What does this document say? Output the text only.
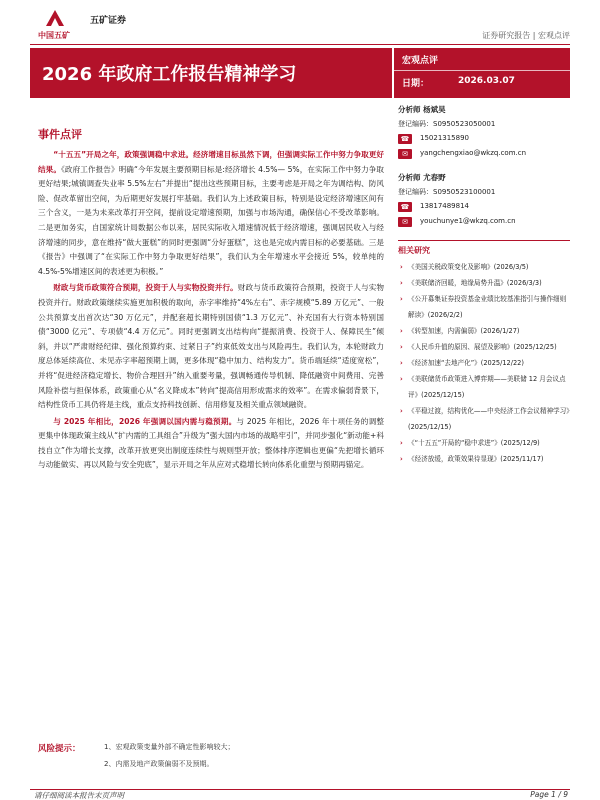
五矿证券
中国五矿	证券研究报告 | 宏观点评
2026 年政府工作报告精神学习
宏观点评
日期：	2026.03.07
事件点评

“十五五”开局之年，政策强调稳中求进。经济增速目标虽然下调，但强调实际工作中努力争取更好结果。《政府工作报告》明确“今年发展主要预期目标是:经济增长 4.5%— 5%，在实际工作中努力争取更好结果;城镇调查失业率 5.5%左右”并提出“提出这些预期目标，主要考虑是开局之年为调结构、防风险、促改革留出空间，为后期更好发展打牢基础。我们认为上述政策目标，特别是设定经济增速区间有三个含义，一是为未来改革打开空间，提前设定增速预期，加强与市场沟通，确保信心不受改革影响。二是更加务实，自国家统计局数据公布以来，居民实际收入增速情况低于经济增速，强调居民收入与经济增速的同步，意在维持“做大蛋糕”的同时更强调“分好蛋糕”，这也是完成内需目标的必要基础。三是《报告》中强调了“在实际工作中努力争取更好结果”，我们认为全年增速水平会接近 5%，较单纯的 4.5%-5%增速区间的表述更为积极。”

财政与货币政策符合预期，投资于人与实物投资并行。财政与货币政策符合预期，投资于人与实物投资并行。财政政策继续实施更加积极的取向，赤字率维持“4%左右”、赤字规模“5.89 万亿元”、一般公共预算支出首次达“30 万亿元”，并配套超长期特别国债“1.3 万亿元”、补充国有大行资本特别国债“3000 亿元”、专项债“4.4 万亿元”。同时更强调支出结构向“提振消费、投资于人、保障民生”倾斜，并以“严肃财经纪律、强化预算约束、过紧日子”约束低效支出与风险再生。我们认为，本轮财政力度总体延续高位、未见赤字率超预期上调，更多体现“稳中加力、结构发力”。货币端延续“适度宽松”，并将“促进经济稳定增长、物价合理回升”纳入重要考量，强调畅通传导机制、降低融资中间费用、完善风险补偿与担保体系，政策重心从“名义降成本”转向“提高信用形成需求的效率”。在需求偏弱背景下，结构性货币工具仍将是主线，重点支持科技创新、信用修复及相关重点领域融资。

与 2025 年相比，2026 年强调以国内需与稳预期。与 2025 年相比，2026 年十项任务的调整更集中体现政策主线从“扩内需的工具组合”升级为“强大国内市场的战略牢引”，并同步强化“新动能+科技自立”作为增长支撑，改革开放更突出制度连续性与规则型开放；整体排序逻辑也更偏“先把增长循环与动能做实、再以风险与安全兜底”，显示开局之年从应对式稳增长转向体系化重塑与预期再锚定。

风险提示：	1、宏观政策变量外部不确定性影响较大；
2、内需及地产政策偏弱不及预期。
请仔细阅读本报告末页声明	Page 1 / 9
分析师 杨斌昊
登记编码：S0950523050001
☎	15021315890
✉	yangchengxiao@wkzq.com.cn
分析师 尤春野
登记编码：S0950523100001
☎	13817489814
✉	youchunye1@wkzq.com.cn
相关研究
› 《美国关税政策变化及影响》(2026/3/5)
› 《美联储济回暖，地缘局势升温》(2026/3/3)
› 《公开募集证券投资基金业绩比较基准指引与操作细则解读》(2026/2/2)
› 《转型加速，内需偏弱》(2026/1/27)
› 《人民币升值的原因、展望及影响》(2025/12/25)
› 《经济加速“去地产化”》(2025/12/22)
› 《美联储货币政策进入博弈期——美联储 12 月会议点评》(2025/12/15)
› 《平稳过渡，结构优化——中央经济工作会议精神学习》(2025/12/15)
› 《“十五五”开局的“稳中求进”》(2025/12/9)
› 《经济放缓，政策效果待显现》(2025/11/17)
